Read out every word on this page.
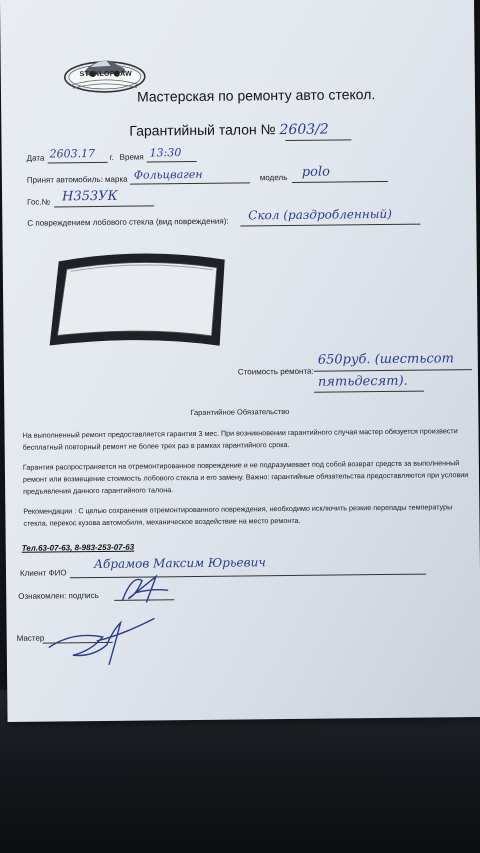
STEKLOPRAW
Мастерская по ремонту авто стекол.
Гарантийный талон № 2603/2
Дата 2603.17 г. Время 13:30
Принят автомобиль: марка Фольцваген	модель polo
Гос.№ Н353УК
С повреждением лобового стекла (вид повреждения): Скол (раздробленный)
Стоимость ремонта:
650руб. (шестьсот
пятьдесят).
Гарантийное Обязательство
На выполненный ремонт предоставляется гарантия 3 мес. При возникновении гарантийного случая мастер обязуется произвести бесплатный повторный ремонт не более трех раз в рамках гарантийного срока.
Гарантия распространяется на отремонтированное повреждение и не подразумевает под собой возврат средств за выполненный ремонт или возмещение стоимость лобового стекла и его замену. Важно: гарантийные обязательства предоставляются при условии предъявления данного гарантийного талона.
Рекомендации : С целью сохранения отремонтированного повреждения, необходимо исключить резкие перепады температуры стекла, перекос кузова автомобиля, механическое воздействие на место ремонта.
Тел.63-07-63, 8-983-253-07-63
Клиент ФИО
Абрамов Максим Юрьевич
Ознакомлен: подпись
Мастер
